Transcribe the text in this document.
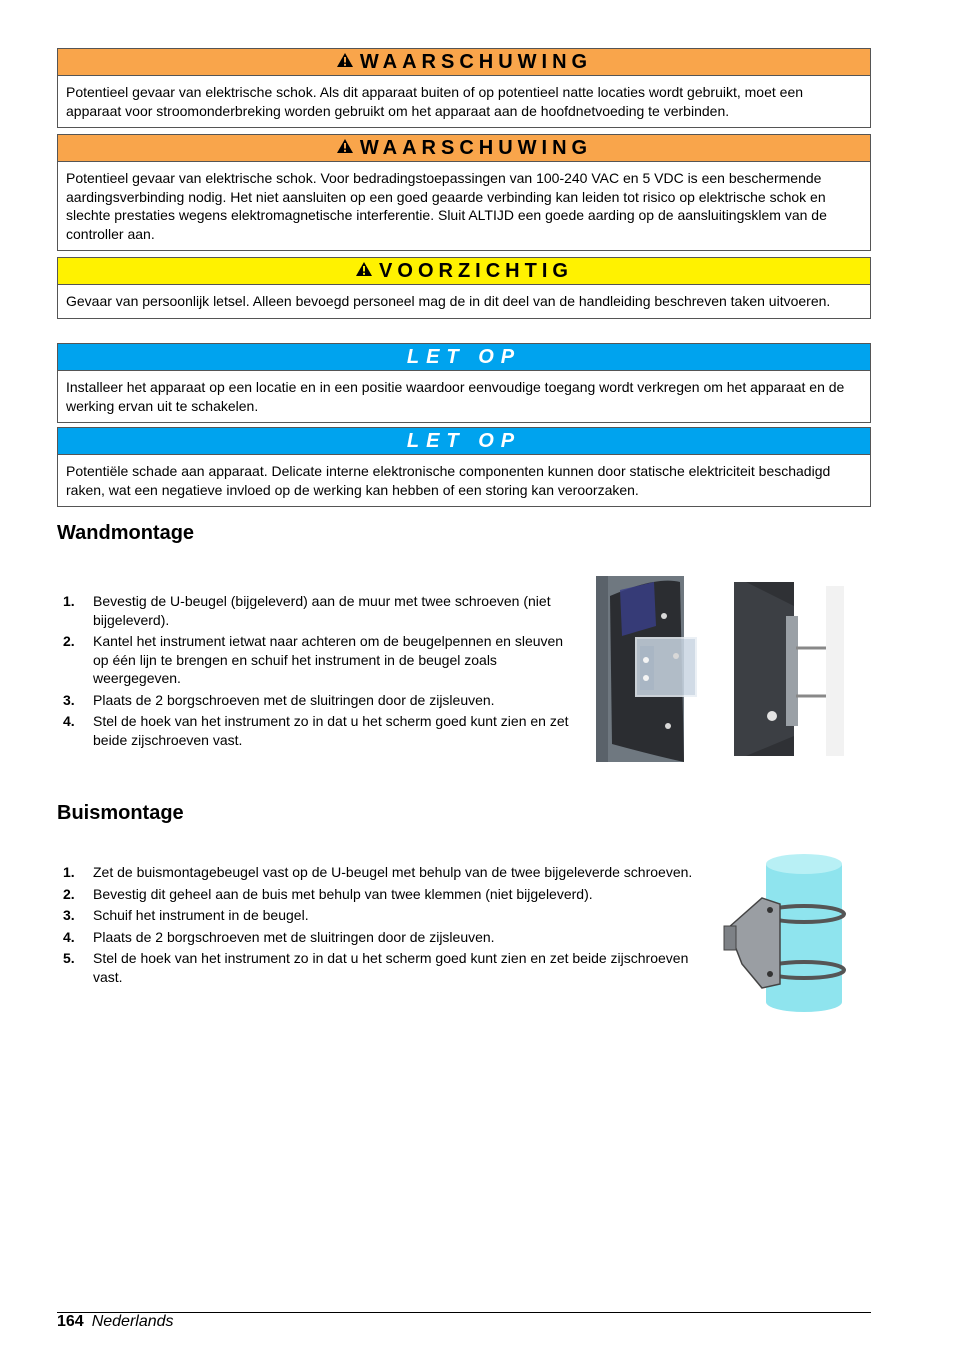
WAARSCHUWING
Potentieel gevaar van elektrische schok. Als dit apparaat buiten of op potentieel natte locaties wordt gebruikt, moet een apparaat voor stroomonderbreking worden gebruikt om het apparaat aan de hoofdnetvoeding te verbinden.
WAARSCHUWING
Potentieel gevaar van elektrische schok. Voor bedradingstoepassingen van 100-240 VAC en 5 VDC is een beschermende aardingsverbinding nodig. Het niet aansluiten op een goed geaarde verbinding kan leiden tot risico op elektrische schok en slechte prestaties wegens elektromagnetische interferentie. Sluit ALTIJD een goede aarding op de aansluitingsklem van de controller aan.
VOORZICHTIG
Gevaar van persoonlijk letsel. Alleen bevoegd personeel mag de in dit deel van de handleiding beschreven taken uitvoeren.
LET OP
Installeer het apparaat op een locatie en in een positie waardoor eenvoudige toegang wordt verkregen om het apparaat en de werking ervan uit te schakelen.
LET OP
Potentiële schade aan apparaat. Delicate interne elektronische componenten kunnen door statische elektriciteit beschadigd raken, wat een negatieve invloed op de werking kan hebben of een storing kan veroorzaken.
Wandmontage
1.	Bevestig de U-beugel (bijgeleverd) aan de muur met twee schroeven (niet bijgeleverd).
2.	Kantel het instrument ietwat naar achteren om de beugelpennen en sleuven op één lijn te brengen en schuif het instrument in de beugel zoals weergegeven.
3.	Plaats de 2 borgschroeven met de sluitringen door de zijsleuven.
4.	Stel de hoek van het instrument zo in dat u het scherm goed kunt zien en zet beide zijschroeven vast.
Buismontage
1.	Zet de buismontagebeugel vast op de U-beugel met behulp van de twee bijgeleverde schroeven.
2.	Bevestig dit geheel aan de buis met behulp van twee klemmen (niet bijgeleverd).
3.	Schuif het instrument in de beugel.
4.	Plaats de 2 borgschroeven met de sluitringen door de zijsleuven.
5.	Stel de hoek van het instrument zo in dat u het scherm goed kunt zien en zet beide zijschroeven vast.
164 Nederlands
